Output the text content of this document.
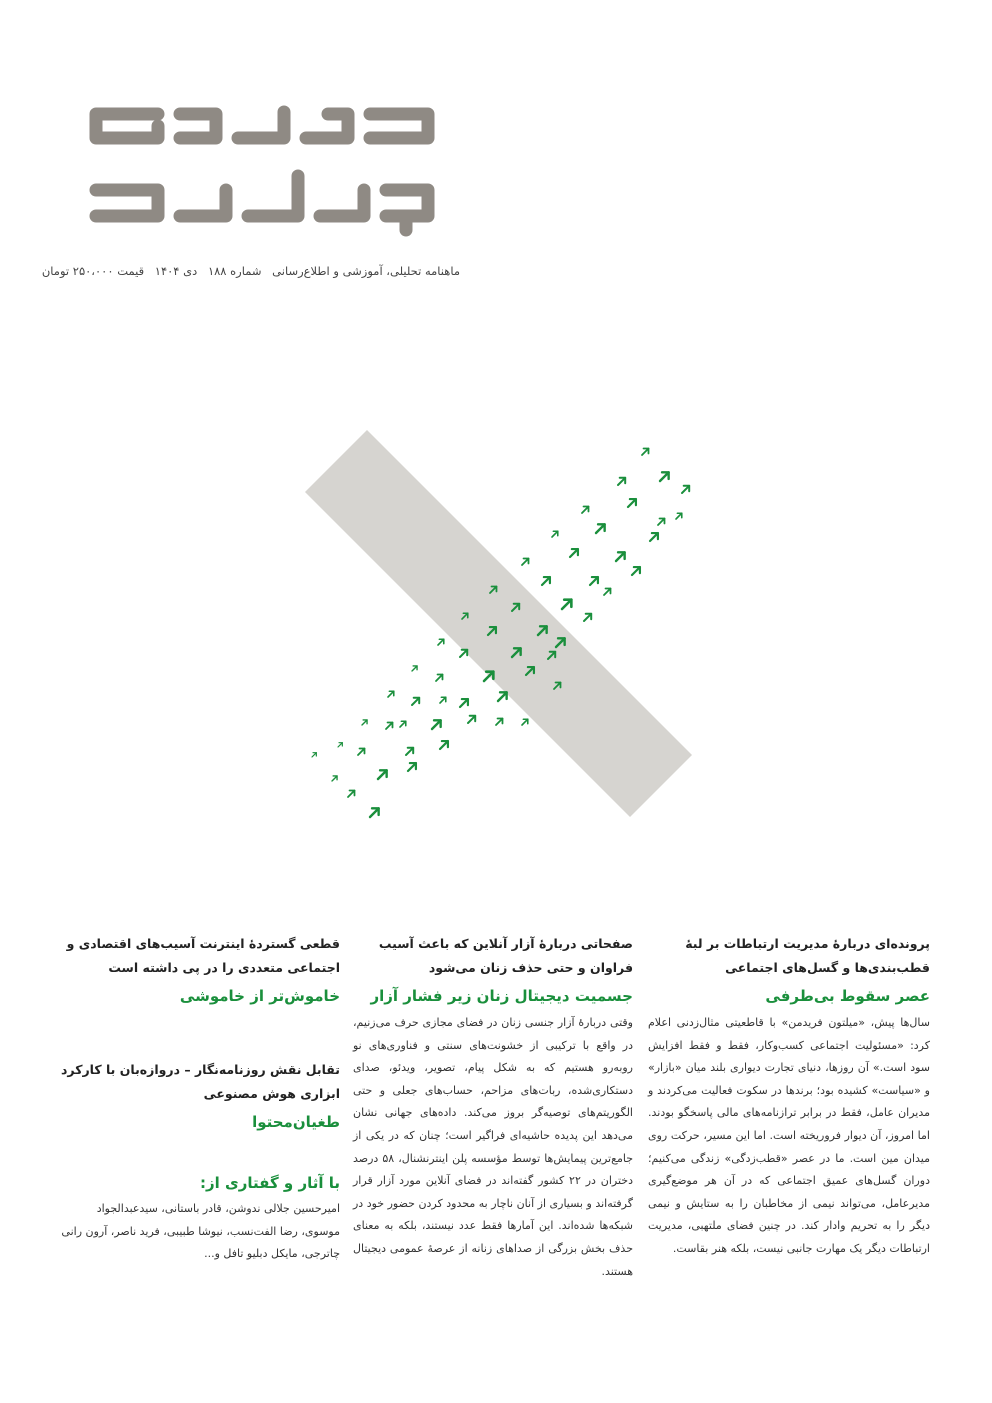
ماهنامه تحلیلی، آموزشی و اطلاع‌رسانی شماره ۱۸۸ دی ۱۴۰۴ قیمت ۲۵۰،۰۰۰ تومان

پرونده‌ای دربارهٔ مدیریت ارتباطات بر لبهٔ قطب‌بندی‌ها و گسل‌های اجتماعی

عصر سقوط بی‌طرفی

سال‌ها پیش، «میلتون فریدمن» با قاطعیتی مثال‌زدنی اعلام کرد: «مسئولیت اجتماعی کسب‌وکار، فقط و فقط افزایش سود است.» آن روزها، دنیای تجارت دیواری بلند میان «بازار» و «سیاست» کشیده بود؛ برندها در سکوت فعالیت می‌کردند و مدیران عامل، فقط در برابر ترازنامه‌های مالی پاسخگو بودند. اما امروز، آن دیوار فروریخته است. اما این مسیر، حرکت روی میدان مین است. ما در عصر «قطب‌زدگی» زندگی می‌کنیم؛ دوران گسل‌های عمیق اجتماعی که در آن هر موضع‌گیری مدیرعامل، می‌تواند نیمی از مخاطبان را به ستایش و نیمی دیگر را به تحریم وادار کند. در چنین فضای ملتهبی، مدیریت ارتباطات دیگر یک مهارت جانبی نیست، بلکه هنر بقاست.

صفحاتی دربارهٔ آزار آنلاین که باعث آسیب فراوان و حتی حذف زنان می‌شود

جسمیت دیجیتال زنان زیر فشار آزار

وقتی دربارهٔ آزار جنسی زنان در فضای مجازی حرف می‌زنیم، در واقع با ترکیبی از خشونت‌های سنتی و فناوری‌های نو روبه‌رو هستیم که به شکل پیام، تصویر، ویدئو، صدای دستکاری‌شده، ربات‌های مزاحم، حساب‌های جعلی و حتی الگوریتم‌های توصیه‌گر بروز می‌کند. داده‌های جهانی نشان می‌دهد این پدیده حاشیه‌ای فراگیر است؛ چنان که در یکی از جامع‌ترین پیمایش‌ها توسط مؤسسه پلن اینترنشنال، ۵۸ درصد دختران در ۲۲ کشور گفته‌اند در فضای آنلاین مورد آزار قرار گرفته‌اند و بسیاری از آنان ناچار به محدود کردن حضور خود در شبکه‌ها شده‌اند. این آمارها فقط عدد نیستند، بلکه به معنای حذف بخش بزرگی از صداهای زنانه از عرصهٔ عمومی دیجیتال هستند.

قطعی گستردهٔ اینترنت آسیب‌های اقتصادی و اجتماعی متعددی را در پی داشته است

خاموش‌تر از خاموشی

تقابل نقش روزنامه‌نگار – دروازه‌بان با کارکرد ابزاری هوش مصنوعی

طغیان‌محتوا

با آثار و گفتاری از:

امیرحسین جلالی ندوشن، قادر باستانی، سیدعبدالجواد موسوی، رضا الفت‌نسب، نیوشا طبیبی، فرید ناصر، آرون رانی چاترجی، مایکل دبلیو تافل و...
